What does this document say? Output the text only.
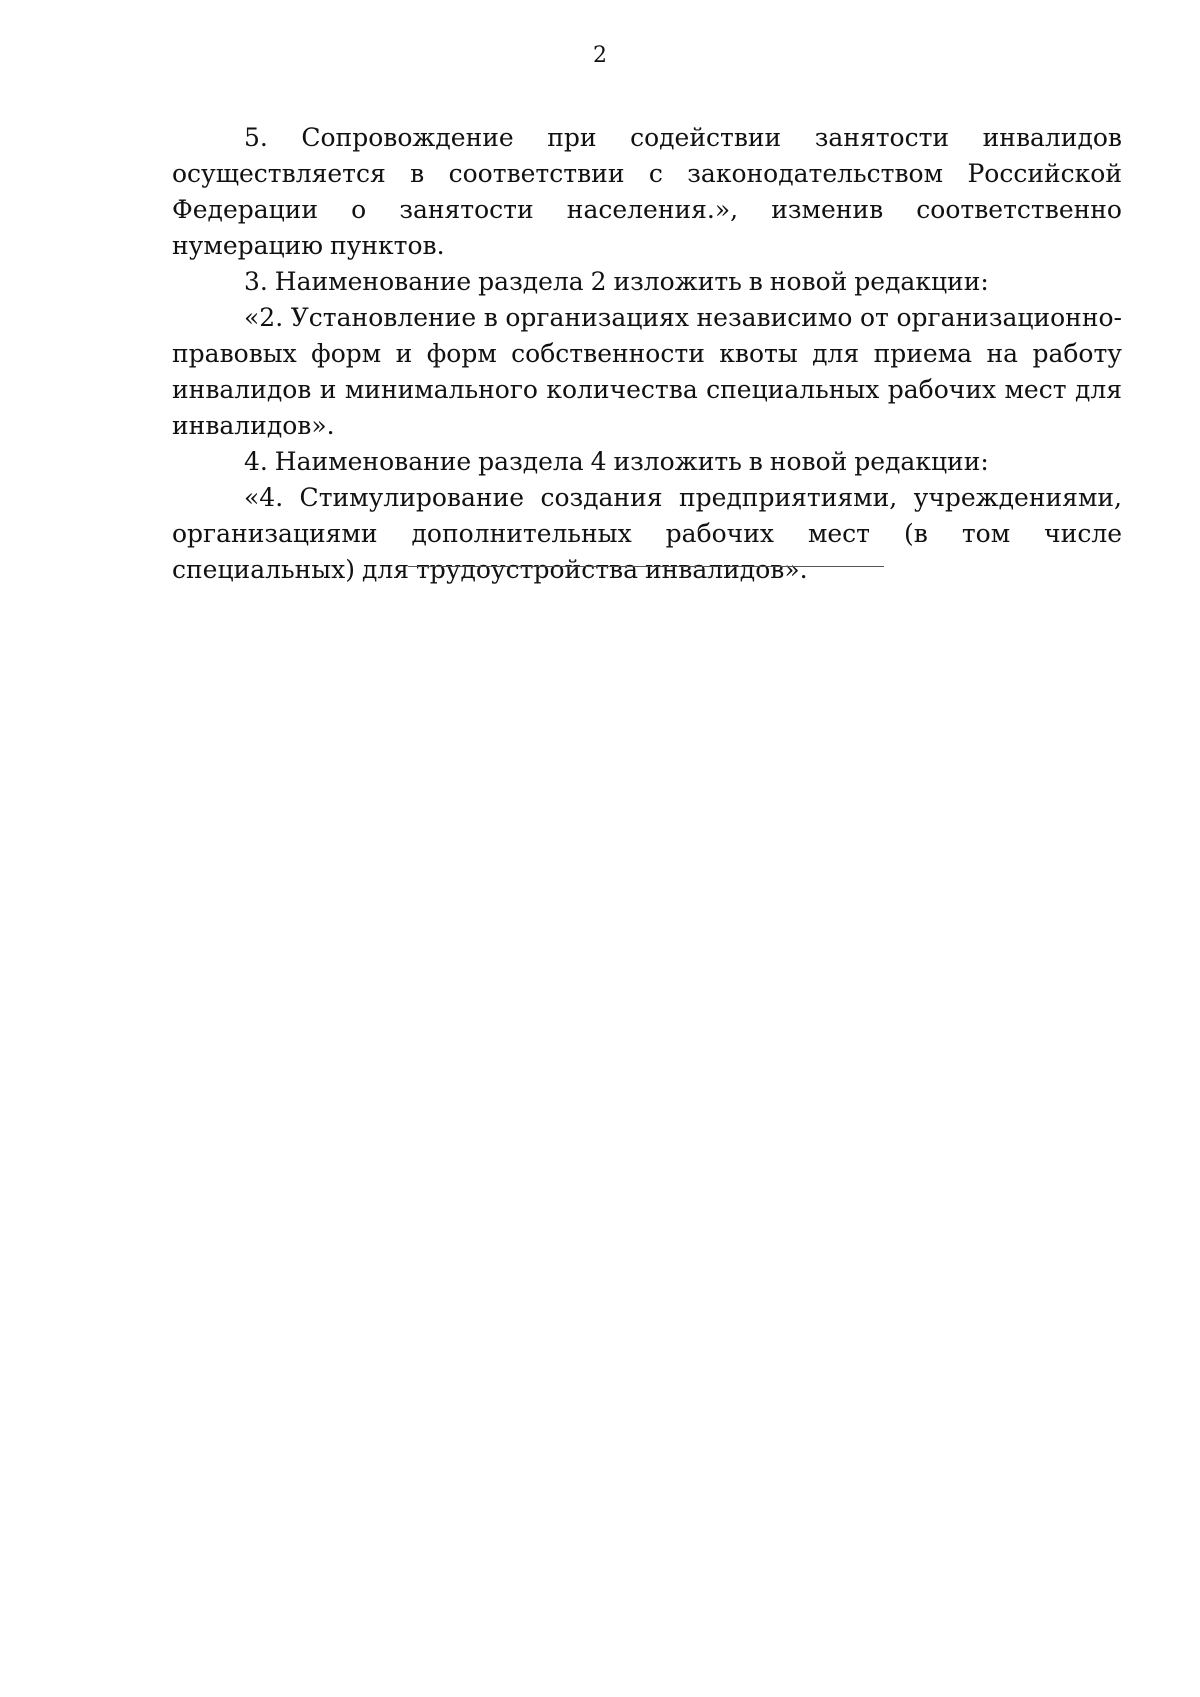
2

5. Сопровождение при содействии занятости инвалидов осуществляется в соответствии с законодательством Российской Федерации о занятости населения.», изменив соответственно нумерацию пунктов.

3. Наименование раздела 2 изложить в новой редакции:

«2. Установление в организациях независимо от организационно-правовых форм и форм собственности квоты для приема на работу инвалидов и минимального количества специальных рабочих мест для инвалидов».

4. Наименование раздела 4 изложить в новой редакции:

«4. Стимулирование создания предприятиями, учреждениями, организациями дополнительных рабочих мест (в том числе специальных) для трудоустройства инвалидов».
